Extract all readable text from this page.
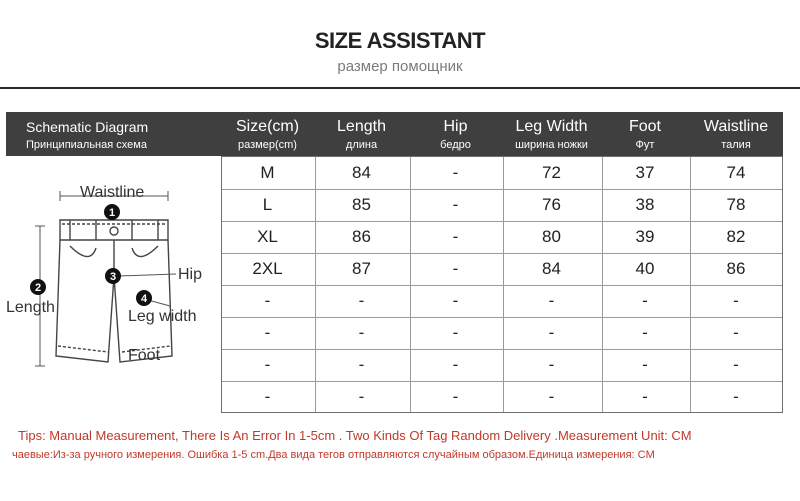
SIZE ASSISTANT
размер помощник
Schematic Diagram
Принципиальная схема
Size(cm)
размер(cm)
Length
длина
Hip
бедро
Leg Width
ширина ножки
Foot
Фут
Waistline
талия
1
2
3
4
Waistline
Length
Hip
Leg width
Foot
M	84	-	72	37	74
L	85	-	76	38	78
XL	86	-	80	39	82
2XL	87	-	84	40	86
-	-	-	-	-	-
-	-	-	-	-	-
-	-	-	-	-	-
-	-	-	-	-	-
Tips: Manual Measurement, There Is An Error In 1-5cm . Two Kinds Of Tag Random Delivery .Measurement Unit: CM
чаевые:Из-за ручного измерения. Ошибка 1-5 cm.Два вида тегов отправляются случайным образом.Единица измерения: CM
